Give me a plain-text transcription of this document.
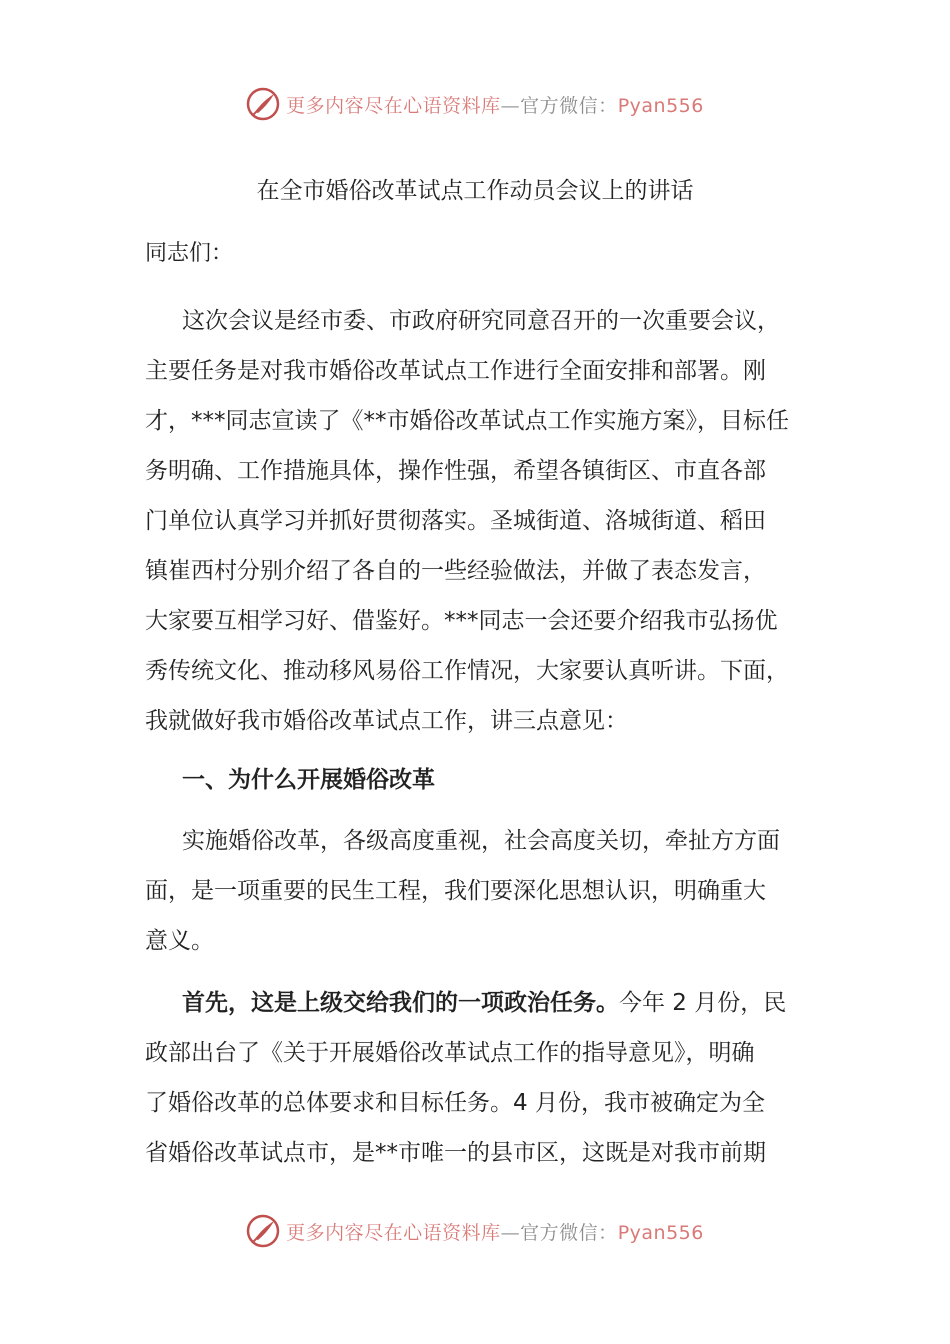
更多内容尽在心语资料库—官方微信：Pyan556
在全市婚俗改革试点工作动员会议上的讲话
同志们：
这次会议是经市委、市政府研究同意召开的一次重要会议，
主要任务是对我市婚俗改革试点工作进行全面安排和部署。刚
才，***同志宣读了《**市婚俗改革试点工作实施方案》，目标任
务明确、工作措施具体，操作性强，希望各镇街区、市直各部
门单位认真学习并抓好贯彻落实。圣城街道、洛城街道、稻田
镇崔西村分别介绍了各自的一些经验做法，并做了表态发言，
大家要互相学习好、借鉴好。***同志一会还要介绍我市弘扬优
秀传统文化、推动移风易俗工作情况，大家要认真听讲。下面，
我就做好我市婚俗改革试点工作，讲三点意见：
一、为什么开展婚俗改革
实施婚俗改革，各级高度重视，社会高度关切，牵扯方方面
面，是一项重要的民生工程，我们要深化思想认识，明确重大
意义。
首先，这是上级交给我们的一项政治任务。今年 2 月份，民
政部出台了《关于开展婚俗改革试点工作的指导意见》，明确
了婚俗改革的总体要求和目标任务。4 月份，我市被确定为全
省婚俗改革试点市，是**市唯一的县市区，这既是对我市前期
更多内容尽在心语资料库—官方微信：Pyan556
